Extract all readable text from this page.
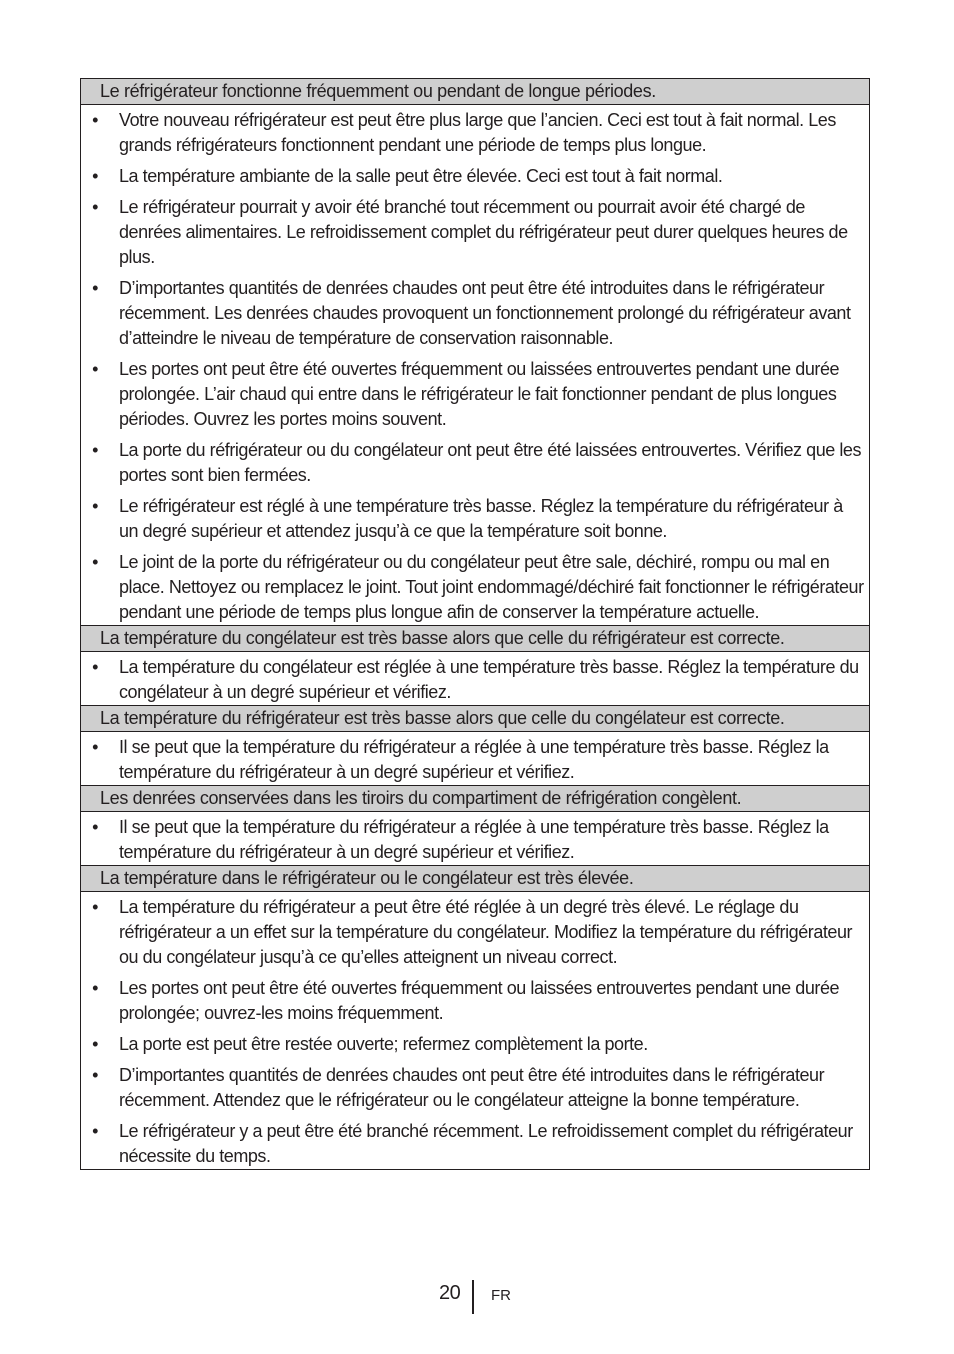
Le réfrigérateur fonctionne fréquemment ou pendant de longue périodes.
• Votre nouveau réfrigérateur est peut être plus large que l’ancien. Ceci est tout à fait normal. Les grands réfrigérateurs fonctionnent pendant une période de temps plus longue.
• La température ambiante de la salle peut être élevée. Ceci est tout à fait normal.
• Le réfrigérateur pourrait y avoir été branché tout récemment ou pourrait avoir été chargé de denrées alimentaires. Le refroidissement complet du réfrigérateur peut durer quelques heures de plus.
• D’importantes quantités de denrées chaudes ont peut être été introduites dans le réfrigérateur récemment. Les denrées chaudes provoquent un fonctionnement prolongé du réfrigérateur avant d’atteindre le niveau de température de conservation raisonnable.
• Les portes ont peut être été ouvertes fréquemment ou laissées entrouvertes pendant une durée prolongée. L’air chaud qui entre dans le réfrigérateur le fait fonctionner pendant de plus longues périodes. Ouvrez les portes moins souvent.
• La porte du réfrigérateur ou du congélateur ont peut être été laissées entrouvertes. Vérifiez que les portes sont bien fermées.
• Le réfrigérateur est réglé à une température très basse. Réglez la température du réfrigérateur à un degré supérieur et attendez jusqu’à ce que la température soit bonne.
• Le joint de la porte du réfrigérateur ou du congélateur peut être sale, déchiré, rompu ou mal en place. Nettoyez ou remplacez le joint. Tout joint endommagé/déchiré fait fonctionner le réfrigérateur pendant une période de temps plus longue afin de conserver la température actuelle.
La température du congélateur est très basse alors que celle du réfrigérateur est correcte.
• La température du congélateur est réglée à une température très basse. Réglez la température du congélateur à un degré supérieur et vérifiez.
La température du réfrigérateur est très basse alors que celle du congélateur est correcte.
• Il se peut que la température du réfrigérateur a réglée à une température très basse. Réglez la température du réfrigérateur à un degré supérieur et vérifiez.
Les denrées conservées dans les tiroirs du compartiment de réfrigération congèlent.
• Il se peut que la température du réfrigérateur a réglée à une température très basse. Réglez la température du réfrigérateur à un degré supérieur et vérifiez.
La température dans le réfrigérateur ou le congélateur est très élevée.
• La température du réfrigérateur a peut être été réglée à un degré très élevé. Le réglage du réfrigérateur a un effet sur la température du congélateur. Modifiez la température du réfrigérateur ou du congélateur jusqu’à ce qu’elles atteignent un niveau correct.
• Les portes ont peut être été ouvertes fréquemment ou laissées entrouvertes pendant une durée prolongée; ouvrez-les moins fréquemment.
• La porte est peut être restée ouverte; refermez complètement la porte.
• D’importantes quantités de denrées chaudes ont peut être été introduites dans le réfrigérateur récemment. Attendez que le réfrigérateur ou le congélateur atteigne la bonne température.
• Le réfrigérateur y a peut être été branché récemment. Le refroidissement complet du réfrigérateur nécessite du temps.
20 FR
